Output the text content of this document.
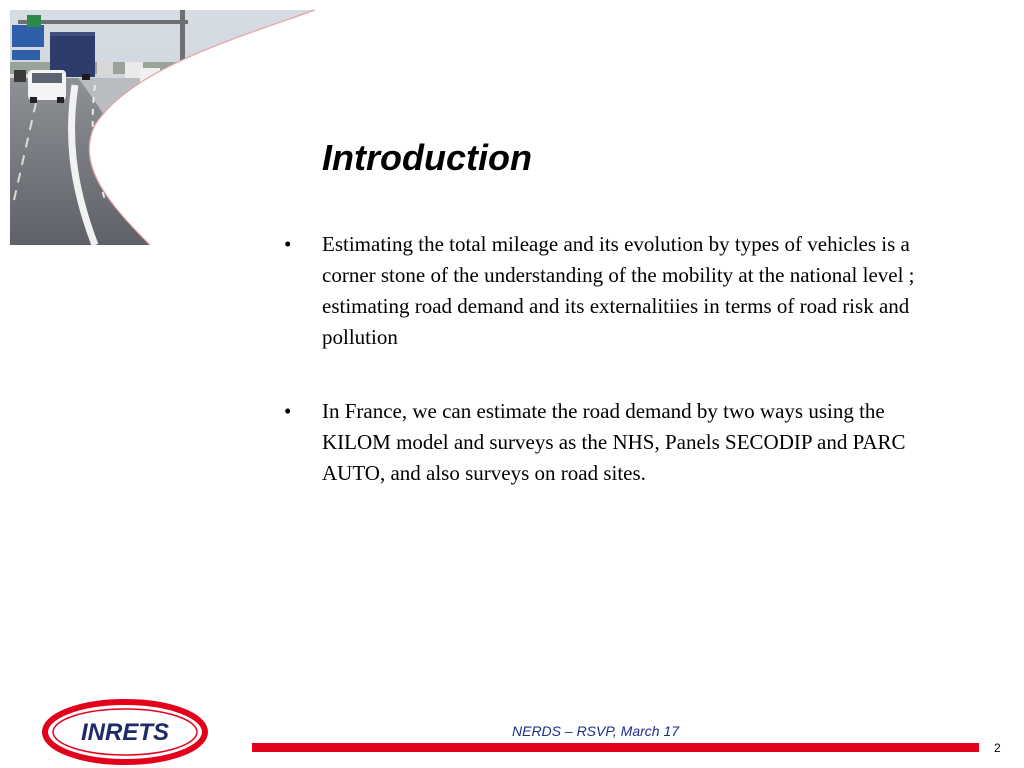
Introduction
• Estimating the total mileage and its evolution by types of vehicles is a corner stone of the understanding of the mobility at the national level ; estimating road demand and its externalitiies in terms of road risk and pollution
• In France, we can estimate the road demand by two ways using the KILOM model and surveys as the NHS, Panels SECODIP and PARC AUTO, and also surveys on road sites.
INRETS	NERDS – RSVP, March 17
2
